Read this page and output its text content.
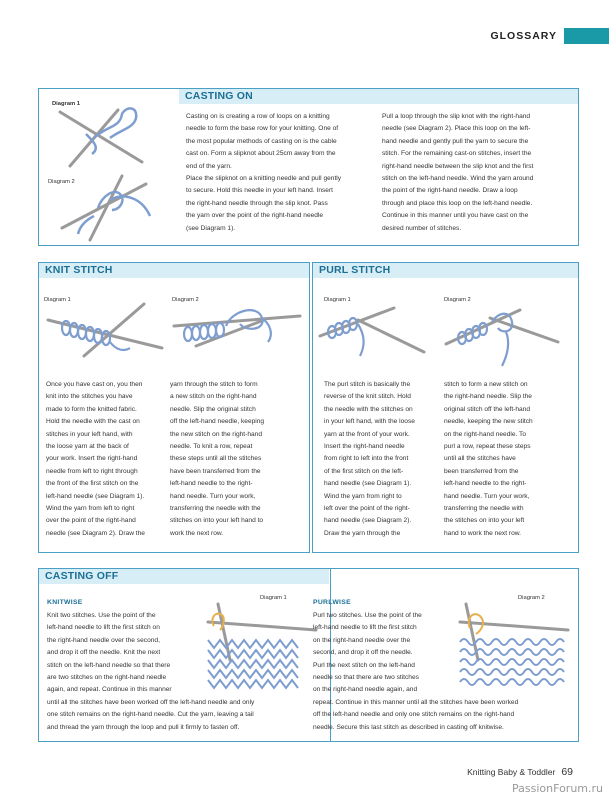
GLOSSARY
CASTING ON
Diagram 1
Diagram 2
Casting on is creating a row of loops on a knitting
needle to form the base row for your knitting. One of
the most popular methods of casting on is the cable
cast on. Form a slipknot about 25cm away from the
end of the yarn.
Place the slipknot on a knitting needle and pull gently
to secure. Hold this needle in your left hand. Insert
the right-hand needle through the slip knot. Pass
the yarn over the point of the right-hand needle
(see Diagram 1).
Pull a loop through the slip knot with the right-hand
needle (see Diagram 2). Place this loop on the left-
hand needle and gently pull the yarn to secure the
stitch. For the remaining cast-on stitches, insert the
right-hand needle between the slip knot and the first
stitch on the left-hand needle. Wind the yarn around
the point of the right-hand needle. Draw a loop
through and place this loop on the left-hand needle.
Continue in this manner until you have cast on the
desired number of stitches.
KNIT STITCH
Diagram 1	Diagram 2
Once you have cast on, you then
knit into the stitches you have
made to form the knitted fabric.
Hold the needle with the cast on
stitches in your left hand, with
the loose yarn at the back of
your work. Insert the right-hand
needle from left to right through
the front of the first stitch on the
left-hand needle (see Diagram 1).
Wind the yarn from left to right
over the point of the right-hand
needle (see Diagram 2). Draw the
yarn through the stitch to form
a new stitch on the right-hand
needle. Slip the original stitch
off the left-hand needle, keeping
the new stitch on the right-hand
needle. To knit a row, repeat
these steps until all the stitches
have been transferred from the
left-hand needle to the right-
hand needle. Turn your work,
transferring the needle with the
stitches on into your left hand to
work the next row.
PURL STITCH
Diagram 1	Diagram 2
The purl stitch is basically the
reverse of the knit stitch. Hold
the needle with the stitches on
in your left hand, with the loose
yarn at the front of your work.
Insert the right-hand needle
from right to left into the front
of the first stitch on the left-
hand needle (see Diagram 1).
Wind the yarn from right to
left over the point of the right-
hand needle (see Diagram 2).
Draw the yarn through the
stitch to form a new stitch on
the right-hand needle. Slip the
original stitch off the left-hand
needle, keeping the new stitch
on the right-hand needle. To
purl a row, repeat these steps
until all the stitches have
been transferred from the
left-hand needle to the right-
hand needle. Turn your work,
transferring the needle with
the stitches on into your left
hand to work the next row.
CASTING OFF
KNITWISE
Diagram 1
Knit two stitches. Use the point of the
left-hand needle to lift the first stitch on
the right-hand needle over the second,
and drop it off the needle. Knit the next
stitch on the left-hand needle so that there
are two stitches on the right-hand needle
again, and repeat. Continue in this manner
until all the stitches have been worked off the left-hand needle and only
one stitch remains on the right-hand needle. Cut the yarn, leaving a tail
and thread the yarn through the loop and pull it firmly to fasten off.
PURLWISE
Diagram 2
Purl two stitches. Use the point of the
left-hand needle to lift the first stitch
on the right-hand needle over the
second, and drop it off the needle.
Purl the next stitch on the left-hand
needle so that there are two stitches
on the right-hand needle again, and
repeat. Continue in this manner until all the stitches have been worked
off the left-hand needle and only one stitch remains on the right-hand
needle. Secure this last stitch as described in casting off knitwise.
Knitting Baby & Toddler 69
PassionForum.ru
